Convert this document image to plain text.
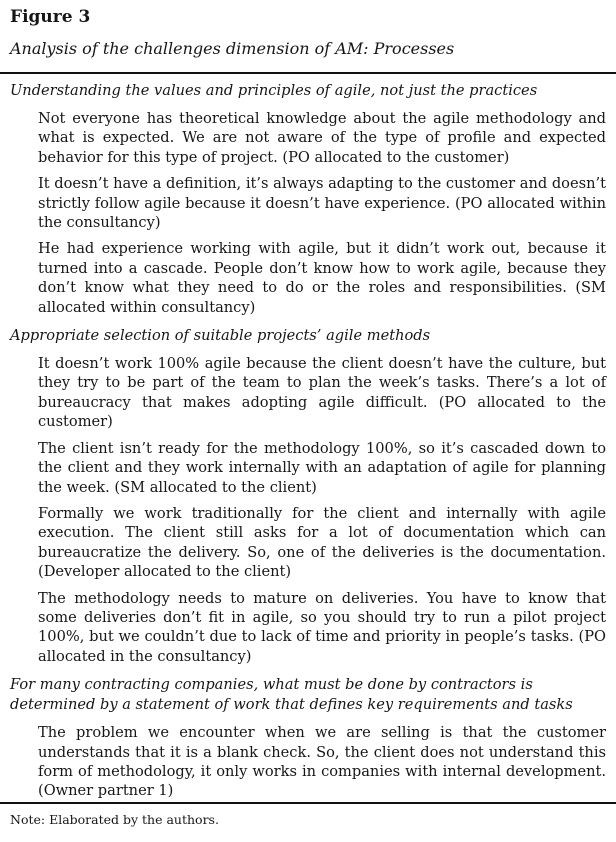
Figure 3
Analysis of the challenges dimension of AM: Processes
Understanding the values and principles of agile, not just the practices
Not everyone has theoretical knowledge about the agile methodology and what is expected. We are not aware of the type of profile and expected behavior for this type of project. (PO allocated to the customer)
It doesn’t have a definition, it’s always adapting to the customer and doesn’t strictly follow agile because it doesn’t have experience. (PO allocated within the consultancy)
He had experience working with agile, but it didn’t work out, because it turned into a cascade. People don’t know how to work agile, because they don’t know what they need to do or the roles and responsibilities. (SM allocated within consultancy)
Appropriate selection of suitable projects’ agile methods
It doesn’t work 100% agile because the client doesn’t have the culture, but they try to be part of the team to plan the week’s tasks. There’s a lot of bureaucracy that makes adopting agile difficult. (PO allocated to the customer)
The client isn’t ready for the methodology 100%, so it’s cascaded down to the client and they work internally with an adaptation of agile for planning the week. (SM allocated to the client)
Formally we work traditionally for the client and internally with agile execution. The client still asks for a lot of documentation which can bureaucratize the delivery. So, one of the deliveries is the documentation. (Developer allocated to the client)
The methodology needs to mature on deliveries. You have to know that some deliveries don’t fit in agile, so you should try to run a pilot project 100%, but we couldn’t due to lack of time and priority in people’s tasks. (PO allocated in the consultancy)
For many contracting companies, what must be done by contractors is determined by a statement of work that defines key requirements and tasks
The problem we encounter when we are selling is that the customer understands that it is a blank check. So, the client does not understand this form of methodology, it only works in companies with internal development. (Owner partner 1)
Note: Elaborated by the authors.
